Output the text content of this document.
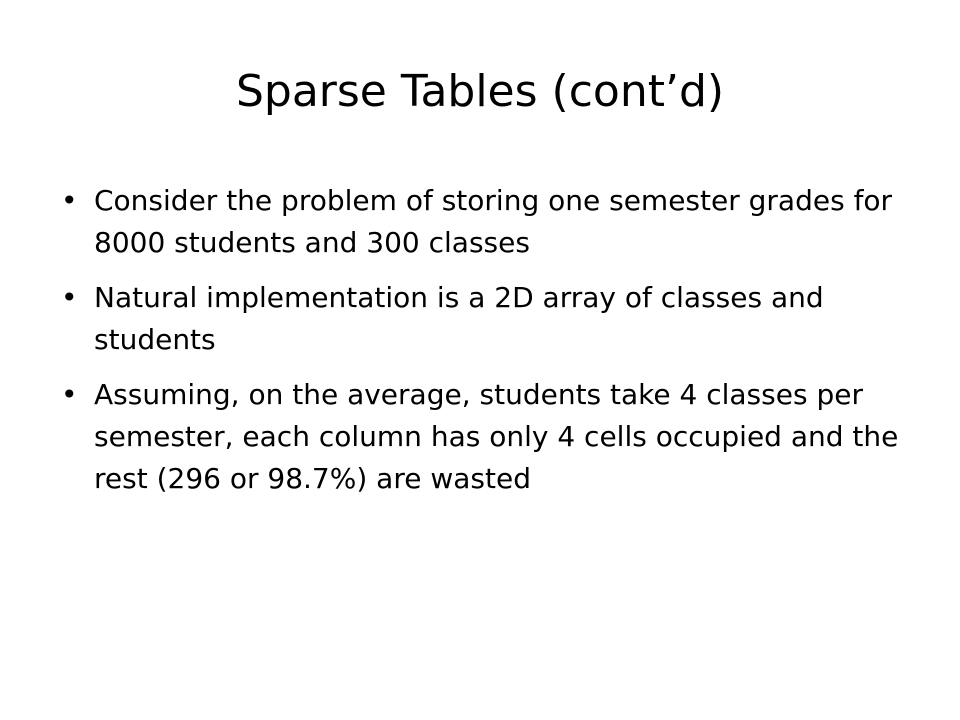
Sparse Tables (cont’d)
• Consider the problem of storing one semester grades for 8000 students and 300 classes
• Natural implementation is a 2D array of classes and students
• Assuming, on the average, students take 4 classes per semester, each column has only 4 cells occupied and the rest (296 or 98.7%) are wasted
